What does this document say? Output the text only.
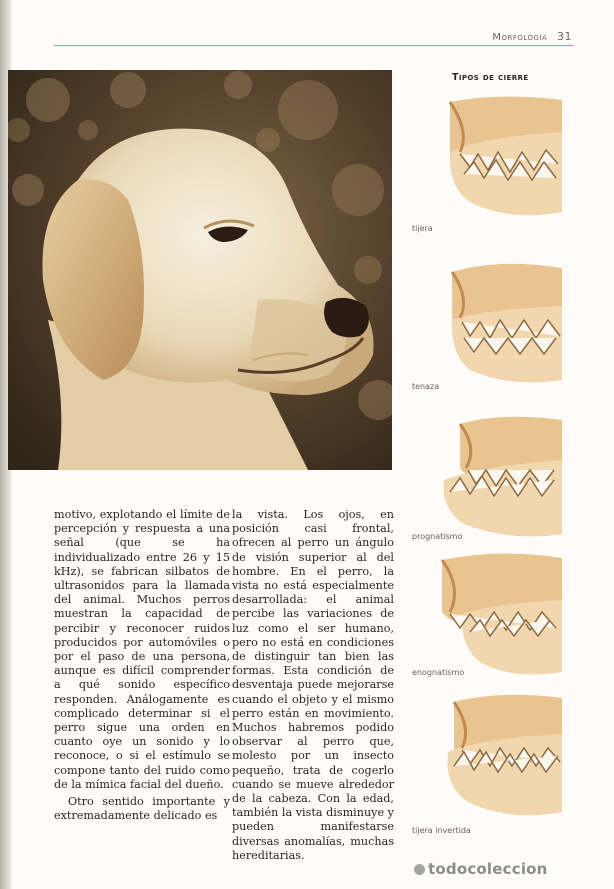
Morfología 31

motivo, explotando el límite de percepción y respuesta a una señal (que se ha individualizado entre 26 y 15 kHz), se fabrican silbatos de ultrasonidos para la llamada del animal. Muchos perros muestran la capacidad de percibir y reconocer ruidos producidos por automóviles o por el paso de una persona, aunque es difícil comprender a qué sonido específico responden. Análogamente es complicado determinar si el perro sigue una orden en cuanto oye un sonido y lo reconoce, o si el estímulo se compone tanto del ruido como de la mímica facial del dueño.

Otro sentido importante y extremadamente delicado es

la vista. Los ojos, en posición casi frontal, ofrecen al perro un ángulo de visión superior al del hombre. En el perro, la vista no está especialmente desarrollada: el animal percibe las variaciones de luz como el ser humano, pero no está en condiciones de distinguir tan bien las formas. Esta condición de desventaja puede mejorarse cuando el objeto y el mismo perro están en movimiento. Muchos habremos podido observar al perro que, molesto por un insecto pequeño, trata de cogerlo cuando se mueve alrededor de la cabeza. Con la edad, también la vista disminuye y pueden manifestarse diversas anomalías, muchas hereditarias.

Tipos de cierre
tijera
tenaza
prognatismo
enognatismo
tijera invertida
todocoleccion
